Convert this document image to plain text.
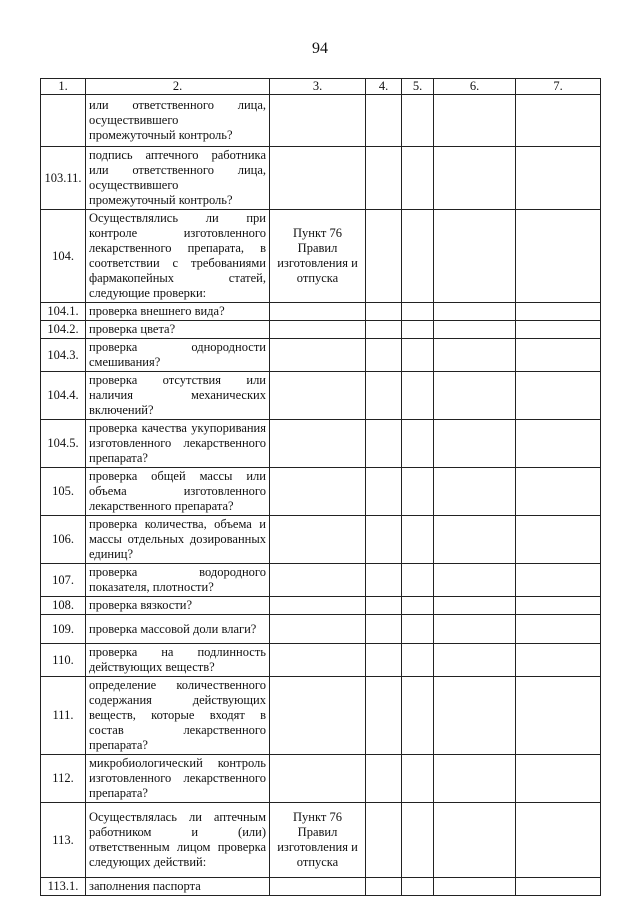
94
1.	2.	3.	4.	5.	6.	7.
	или ответственного лица, осуществившего промежуточный контроль?					
103.11.	подпись аптечного работника или ответственного лица, осуществившего промежуточный контроль?					
104.	Осуществлялись ли при контроле изготовленного лекарственного препарата, в соответствии с требованиями фармакопейных статей, следующие проверки:	Пункт 76 Правил изготовления и отпуска				
104.1.	проверка внешнего вида?					
104.2.	проверка цвета?					
104.3.	проверка однородности смешивания?					
104.4.	проверка отсутствия или наличия механических включений?					
104.5.	проверка качества укупоривания изготовленного лекарственного препарата?					
105.	проверка общей массы или объема изготовленного лекарственного препарата?					
106.	проверка количества, объема и массы отдельных дозированных единиц?					
107.	проверка водородного показателя, плотности?					
108.	проверка вязкости?					
109.	проверка массовой доли влаги?					
110.	проверка на подлинность действующих веществ?					
111.	определение количественного содержания действующих веществ, которые входят в состав лекарственного препарата?					
112.	микробиологический контроль изготовленного лекарственного препарата?					
113.	Осуществлялась ли аптечным работником и (или) ответственным лицом проверка следующих действий:	Пункт 76 Правил изготовления и отпуска				
113.1.	заполнения паспорта					
